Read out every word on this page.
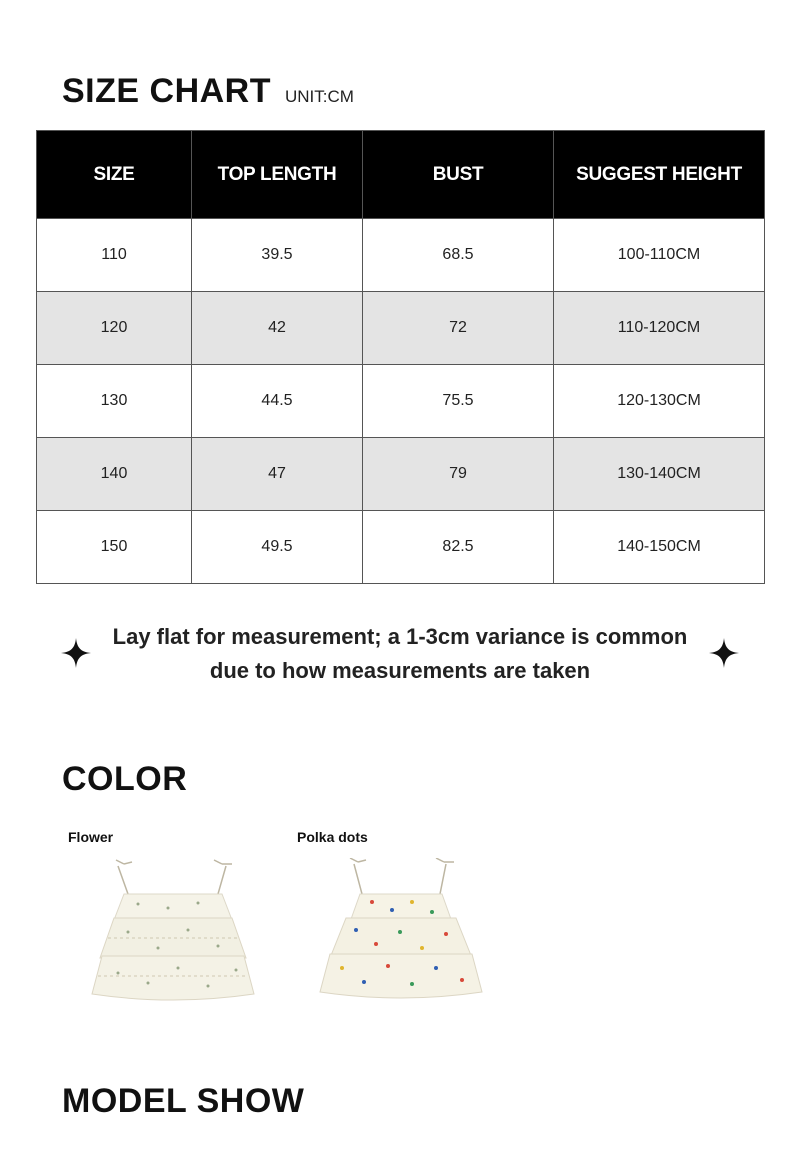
SIZE CHART UNIT:CM
SIZE	TOP LENGTH	BUST	SUGGEST HEIGHT
110	39.5	68.5	100-110CM
120	42	72	110-120CM
130	44.5	75.5	120-130CM
140	47	79	130-140CM
150	49.5	82.5	140-150CM
Lay flat for measurement; a 1-3cm variance is common
due to how measurements are taken
COLOR
Flower	Polka dots
MODEL SHOW
